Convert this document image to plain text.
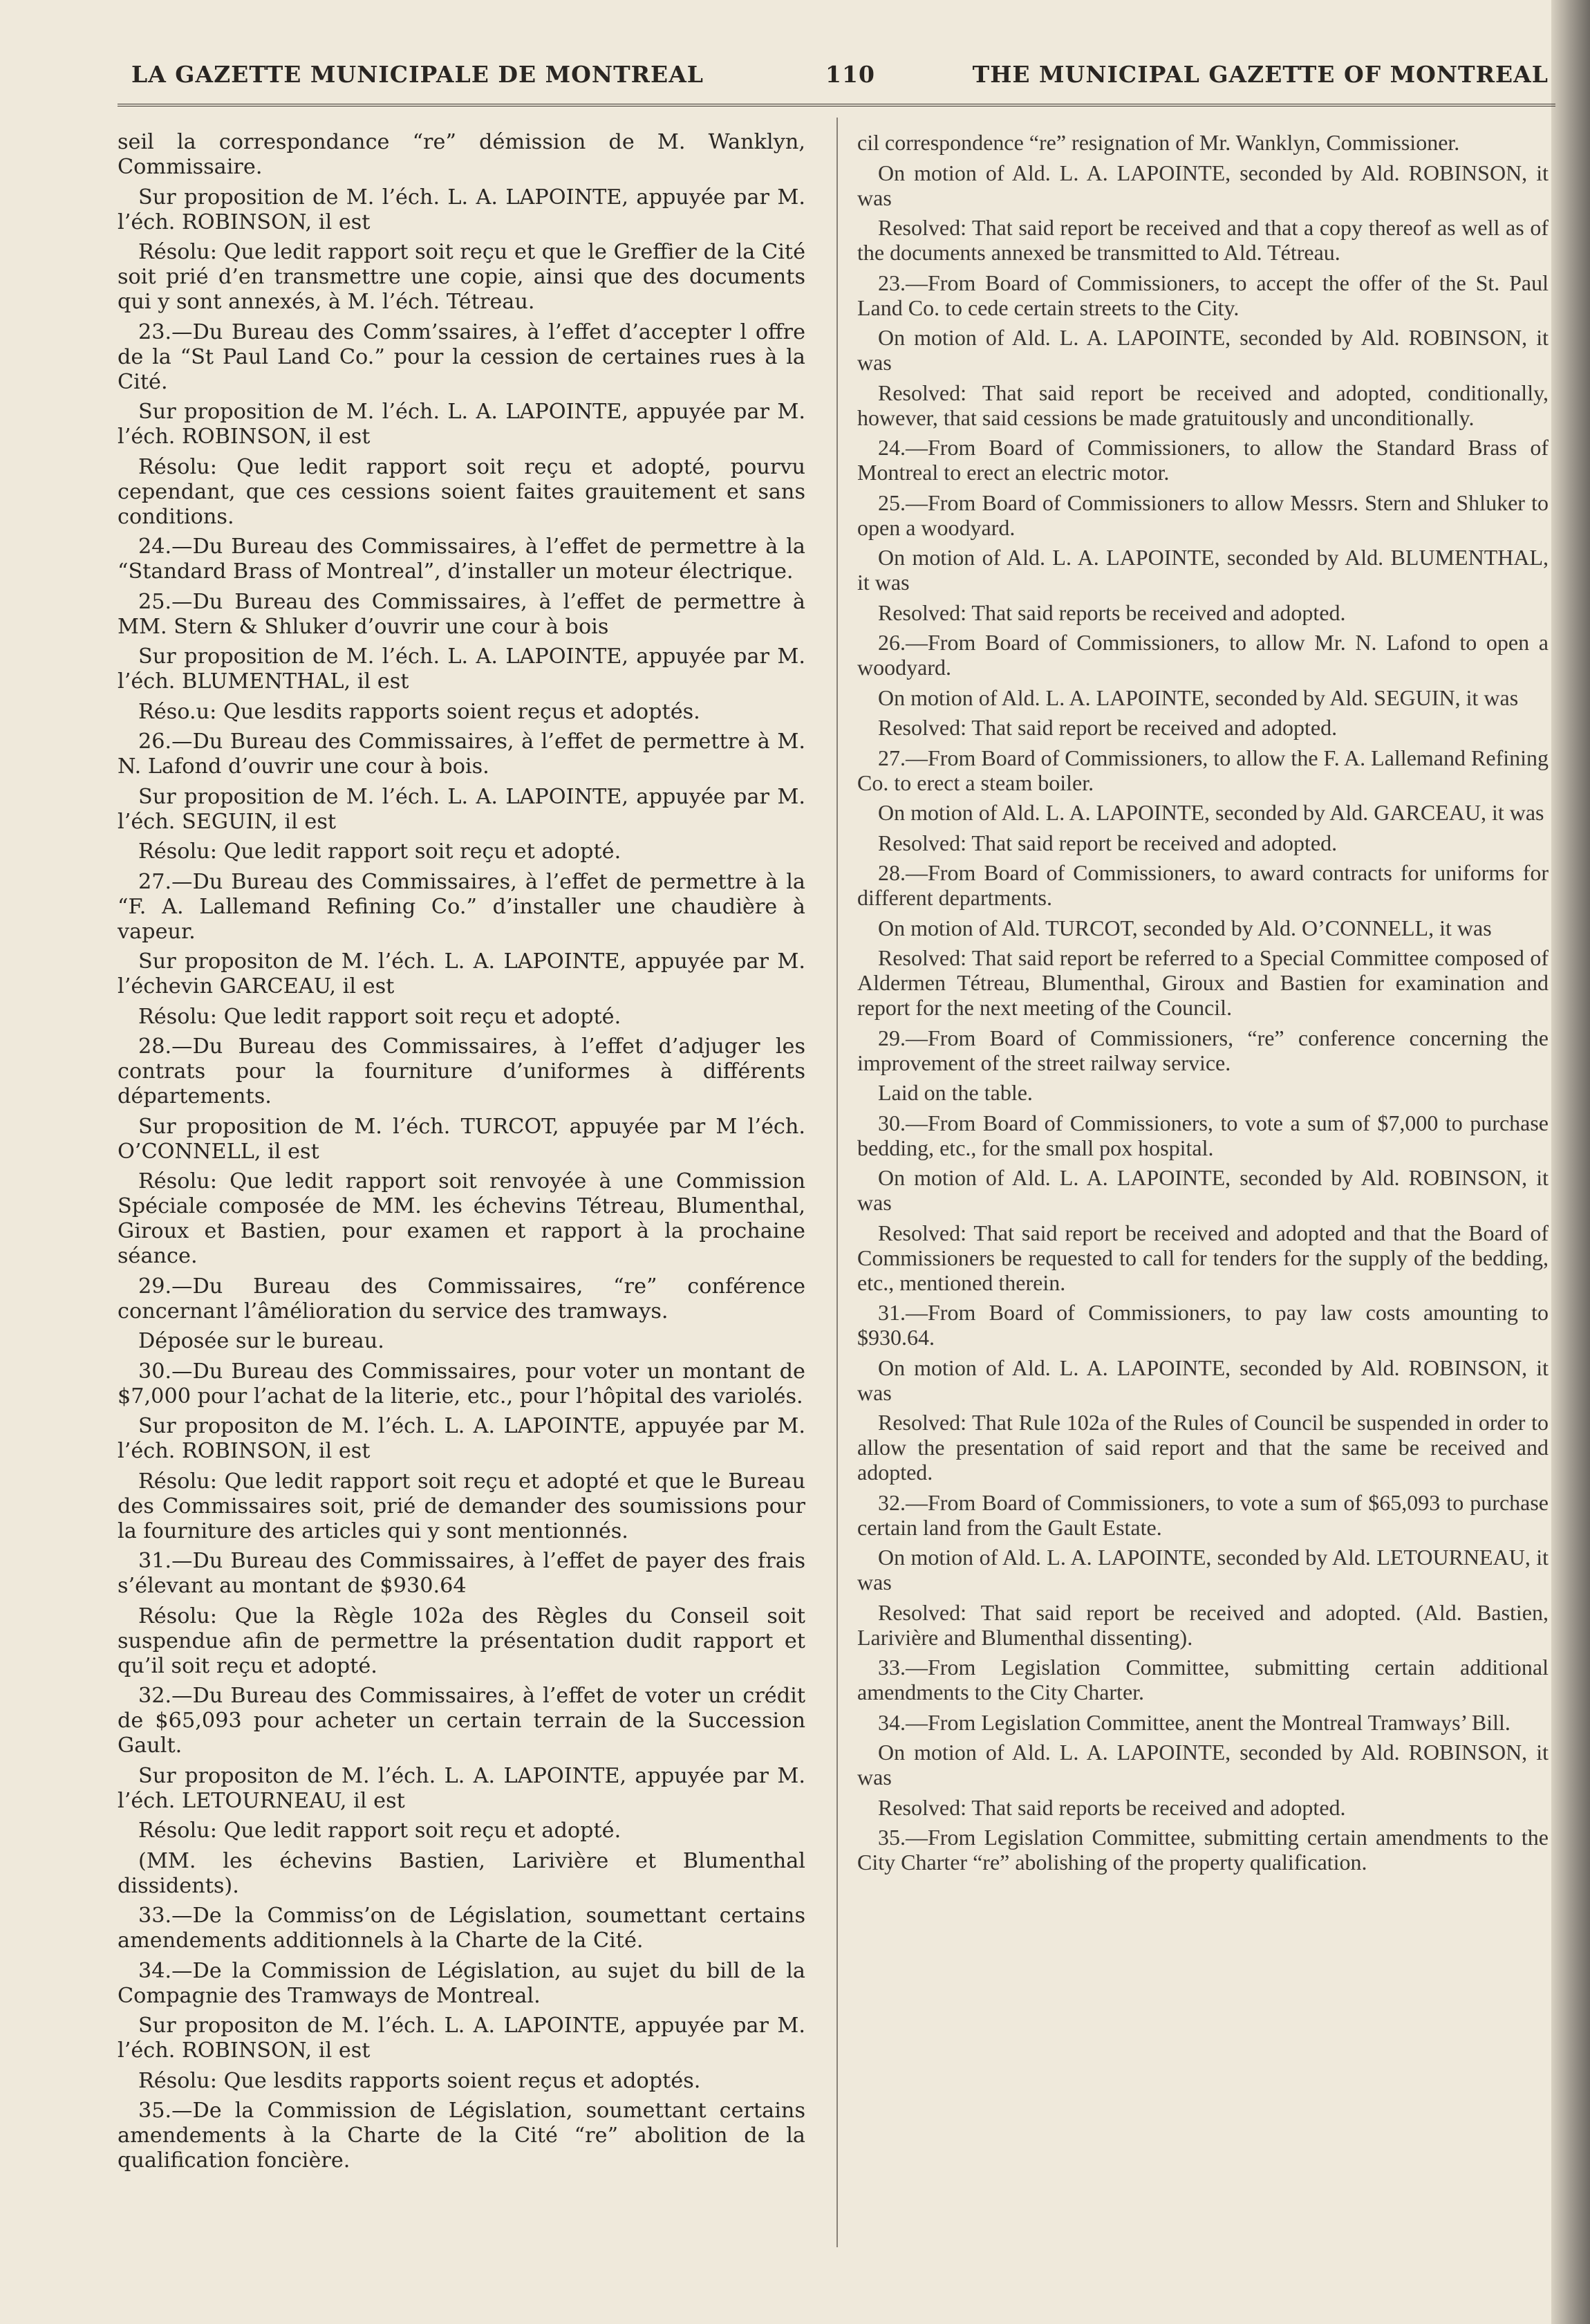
LA GAZETTE MUNICIPALE DE MONTREAL	110	THE MUNICIPAL GAZETTE OF MONTREAL

seil la correspondance “re” démission de M. Wanklyn, Commissaire.

Sur proposition de M. l’éch. L. A. LAPOINTE, appuyée par M. l’éch. ROBINSON, il est

Résolu: Que ledit rapport soit reçu et que le Greffier de la Cité soit prié d’en transmettre une copie, ainsi que des documents qui y sont annexés, à M. l’éch. Tétreau.

23.—Du Bureau des Comm’ssaires, à l’effet d’accepter l offre de la “St Paul Land Co.” pour la cession de certaines rues à la Cité.

Sur proposition de M. l’éch. L. A. LAPOINTE, appuyée par M. l’éch. ROBINSON, il est

Résolu: Que ledit rapport soit reçu et adopté, pourvu cependant, que ces cessions soient faites grauitement et sans conditions.

24.—Du Bureau des Commissaires, à l’effet de permettre à la “Standard Brass of Montreal”, d’installer un moteur électrique.

25.—Du Bureau des Commissaires, à l’effet de permettre à MM. Stern & Shluker d’ouvrir une cour à bois

Sur proposition de M. l’éch. L. A. LAPOINTE, appuyée par M. l’éch. BLUMENTHAL, il est

Réso.u: Que lesdits rapports soient reçus et adoptés.

26.—Du Bureau des Commissaires, à l’effet de permettre à M. N. Lafond d’ouvrir une cour à bois.

Sur proposition de M. l’éch. L. A. LAPOINTE, appuyée par M. l’éch. SEGUIN, il est

Résolu: Que ledit rapport soit reçu et adopté.

27.—Du Bureau des Commissaires, à l’effet de permettre à la “F. A. Lallemand Refining Co.” d’installer une chaudière à vapeur.

Sur propositon de M. l’éch. L. A. LAPOINTE, appuyée par M. l’échevin GARCEAU, il est

Résolu: Que ledit rapport soit reçu et adopté.

28.—Du Bureau des Commissaires, à l’effet d’adjuger les contrats pour la fourniture d’uniformes à différents départements.

Sur proposition de M. l’éch. TURCOT, appuyée par M l’éch. O’CONNELL, il est

Résolu: Que ledit rapport soit renvoyée à une Commission Spéciale composée de MM. les échevins Tétreau, Blumenthal, Giroux et Bastien, pour examen et rapport à la prochaine séance.

29.—Du Bureau des Commissaires, “re” conférence concernant l’âmélioration du service des tramways.

Déposée sur le bureau.

30.—Du Bureau des Commissaires, pour voter un montant de $7,000 pour l’achat de la literie, etc., pour l’hôpital des variolés.

Sur propositon de M. l’éch. L. A. LAPOINTE, appuyée par M. l’éch. ROBINSON, il est

Résolu: Que ledit rapport soit reçu et adopté et que le Bureau des Commissaires soit, prié de demander des soumissions pour la fourniture des articles qui y sont mentionnés.

31.—Du Bureau des Commissaires, à l’effet de payer des frais s’élevant au montant de $930.64

Résolu: Que la Règle 102a des Règles du Conseil soit suspendue afin de permettre la présentation dudit rapport et qu’il soit reçu et adopté.

32.—Du Bureau des Commissaires, à l’effet de voter un crédit de $65,093 pour acheter un certain terrain de la Succession Gault.

Sur propositon de M. l’éch. L. A. LAPOINTE, appuyée par M. l’éch. LETOURNEAU, il est

Résolu: Que ledit rapport soit reçu et adopté.

(MM. les échevins Bastien, Larivière et Blumenthal dissidents).

33.—De la Commiss’on de Législation, soumettant certains amendements additionnels à la Charte de la Cité.

34.—De la Commission de Législation, au sujet du bill de la Compagnie des Tramways de Montreal.

Sur propositon de M. l’éch. L. A. LAPOINTE, appuyée par M. l’éch. ROBINSON, il est

Résolu: Que lesdits rapports soient reçus et adoptés.

35.—De la Commission de Législation, soumettant certains amendements à la Charte de la Cité “re” abolition de la qualification foncière.

cil correspondence “re” resignation of Mr. Wanklyn, Commissioner.

On motion of Ald. L. A. LAPOINTE, seconded by Ald. ROBINSON, it was

Resolved: That said report be received and that a copy thereof as well as of the documents annexed be transmitted to Ald. Tétreau.

23.—From Board of Commissioners, to accept the offer of the St. Paul Land Co. to cede certain streets to the City.

On motion of Ald. L. A. LAPOINTE, seconded by Ald. ROBINSON, it was

Resolved: That said report be received and adopted, conditionally, however, that said cessions be made gratuitously and unconditionally.

24.—From Board of Commissioners, to allow the Standard Brass of Montreal to erect an electric motor.

25.—From Board of Commissioners to allow Messrs. Stern and Shluker to open a woodyard.

On motion of Ald. L. A. LAPOINTE, seconded by Ald. BLUMENTHAL, it was

Resolved: That said reports be received and adopted.

26.—From Board of Commissioners, to allow Mr. N. Lafond to open a woodyard.

On motion of Ald. L. A. LAPOINTE, seconded by Ald. SEGUIN, it was

Resolved: That said report be received and adopted.

27.—From Board of Commissioners, to allow the F. A. Lallemand Refining Co. to erect a steam boiler.

On motion of Ald. L. A. LAPOINTE, seconded by Ald. GARCEAU, it was

Resolved: That said report be received and adopted.

28.—From Board of Commissioners, to award contracts for uniforms for different departments.

On motion of Ald. TURCOT, seconded by Ald. O’CONNELL, it was

Resolved: That said report be referred to a Special Committee composed of Aldermen Tétreau, Blumenthal, Giroux and Bastien for examination and report for the next meeting of the Council.

29.—From Board of Commissioners, “re” conference concerning the improvement of the street railway service.

Laid on the table.

30.—From Board of Commissioners, to vote a sum of $7,000 to purchase bedding, etc., for the small pox hospital.

On motion of Ald. L. A. LAPOINTE, seconded by Ald. ROBINSON, it was

Resolved: That said report be received and adopted and that the Board of Commissioners be requested to call for tenders for the supply of the bedding, etc., mentioned therein.

31.—From Board of Commissioners, to pay law costs amounting to $930.64.

On motion of Ald. L. A. LAPOINTE, seconded by Ald. ROBINSON, it was

Resolved: That Rule 102a of the Rules of Council be suspended in order to allow the presentation of said report and that the same be received and adopted.

32.—From Board of Commissioners, to vote a sum of $65,093 to purchase certain land from the Gault Estate.

On motion of Ald. L. A. LAPOINTE, seconded by Ald. LETOURNEAU, it was

Resolved: That said report be received and adopted. (Ald. Bastien, Larivière and Blumenthal dissenting).

33.—From Legislation Committee, submitting certain additional amendments to the City Charter.

34.—From Legislation Committee, anent the Montreal Tramways’ Bill.

On motion of Ald. L. A. LAPOINTE, seconded by Ald. ROBINSON, it was

Resolved: That said reports be received and adopted.

35.—From Legislation Committee, submitting certain amendments to the City Charter “re” abolishing of the property qualification.
